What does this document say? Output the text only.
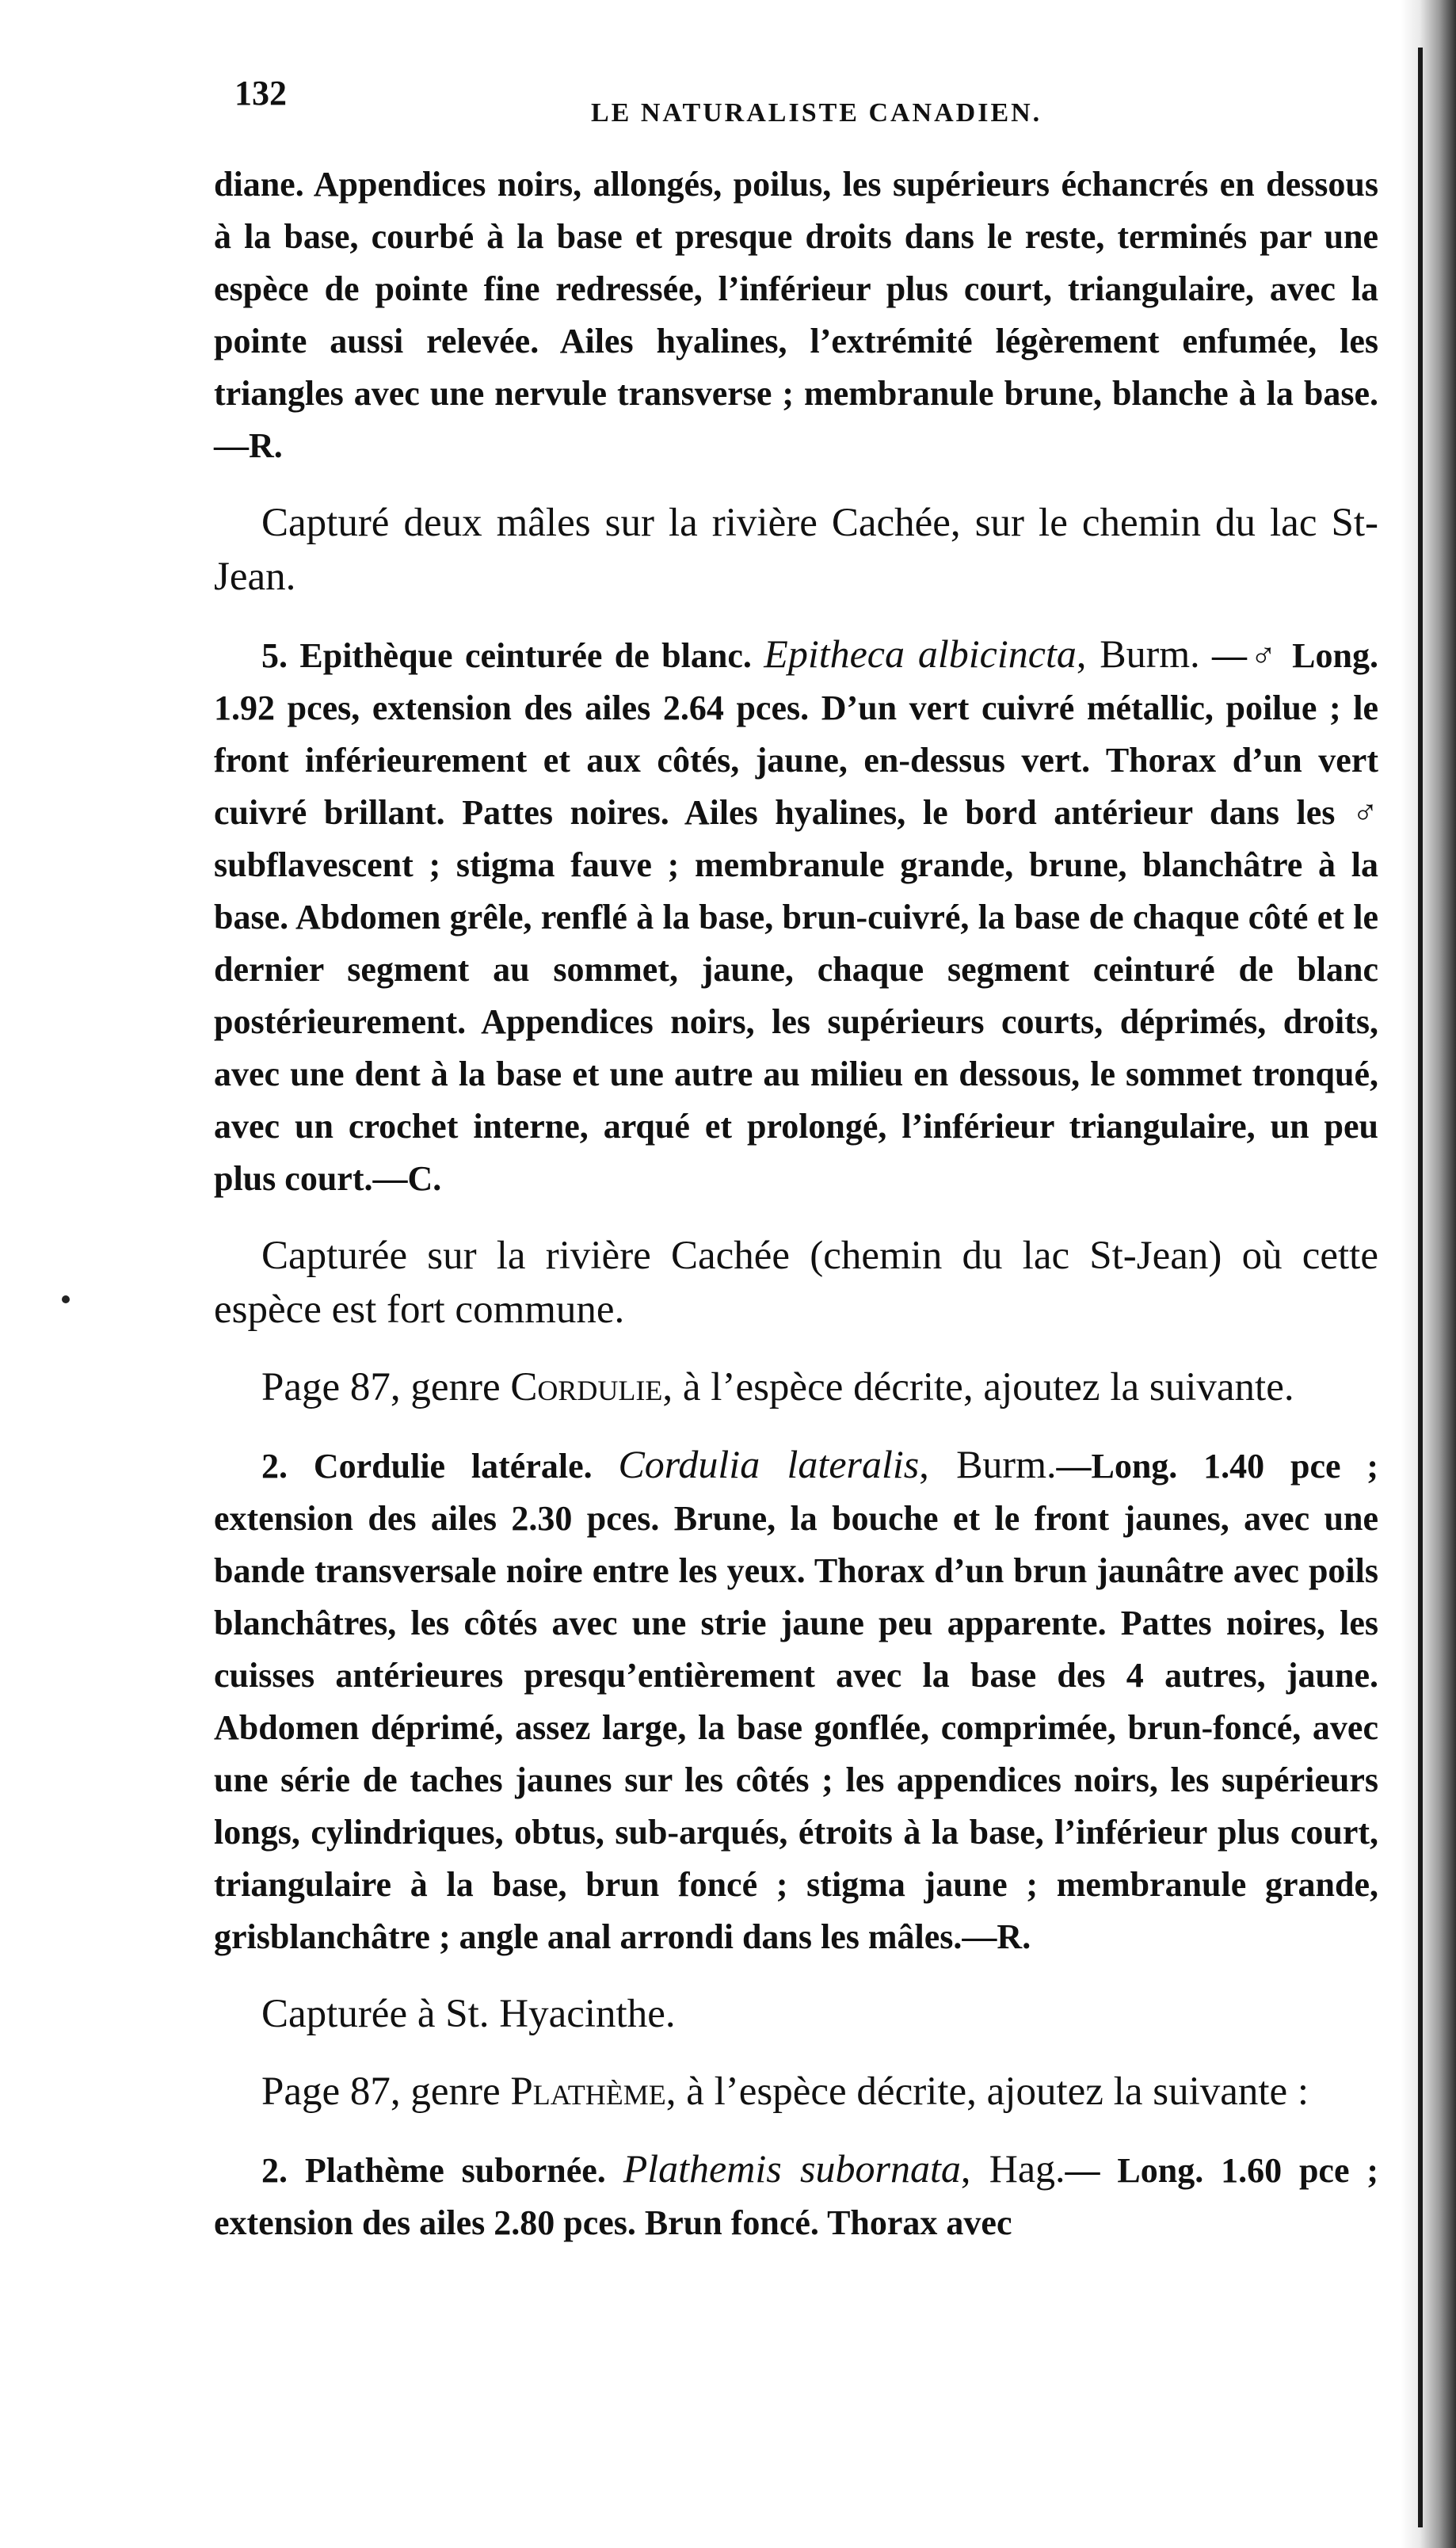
132
LE NATURALISTE CANADIEN.

diane. Appendices noirs, allongés, poilus, les supérieurs échancrés en dessous à la base, courbé à la base et presque droits dans le reste, terminés par une espèce de pointe fine redressée, l’inférieur plus court, triangulaire, avec la pointe aussi relevée. Ailes hyalines, l’extrémité légèrement enfumée, les triangles avec une nervule transverse ; membranule brune, blanche à la base.—R.

Capturé deux mâles sur la rivière Cachée, sur le chemin du lac St-Jean.

5. Epithèque ceinturée de blanc. Epitheca albicincta, Burm. —♂ Long. 1.92 pces, extension des ailes 2.64 pces. D’un vert cuivré métallic, poilue ; le front inférieurement et aux côtés, jaune, en-dessus vert. Thorax d’un vert cuivré brillant. Pattes noires. Ailes hyalines, le bord antérieur dans les ♂ subflavescent ; stigma fauve ; membranule grande, brune, blanchâtre à la base. Abdomen grêle, renflé à la base, brun-cuivré, la base de chaque côté et le dernier segment au sommet, jaune, chaque segment ceinturé de blanc postérieurement. Appendices noirs, les supérieurs courts, déprimés, droits, avec une dent à la base et une autre au milieu en dessous, le sommet tronqué, avec un crochet interne, arqué et prolongé, l’inférieur triangulaire, un peu plus court.—C.

Capturée sur la rivière Cachée (chemin du lac St-Jean) où cette espèce est fort commune.

Page 87, genre Cordulie, à l’espèce décrite, ajoutez la suivante.

2. Cordulie latérale. Cordulia lateralis, Burm.—Long. 1.40 pce ; extension des ailes 2.30 pces. Brune, la bouche et le front jaunes, avec une bande transversale noire entre les yeux. Thorax d’un brun jaunâtre avec poils blanchâtres, les côtés avec une strie jaune peu apparente. Pattes noires, les cuisses antérieures presqu’entièrement avec la base des 4 autres, jaune. Abdomen déprimé, assez large, la base gonflée, comprimée, brun-foncé, avec une série de taches jaunes sur les côtés ; les appendices noirs, les supérieurs longs, cylindriques, obtus, sub-arqués, étroits à la base, l’inférieur plus court, triangulaire à la base, brun foncé ; stigma jaune ; membranule grande, grisblanchâtre ; angle anal arrondi dans les mâles.—R.

Capturée à St. Hyacinthe.

Page 87, genre Plathème, à l’espèce décrite, ajoutez la suivante :

2. Plathème subornée. Plathemis subornata, Hag.— Long. 1.60 pce ; extension des ailes 2.80 pces. Brun foncé. Thorax avec
